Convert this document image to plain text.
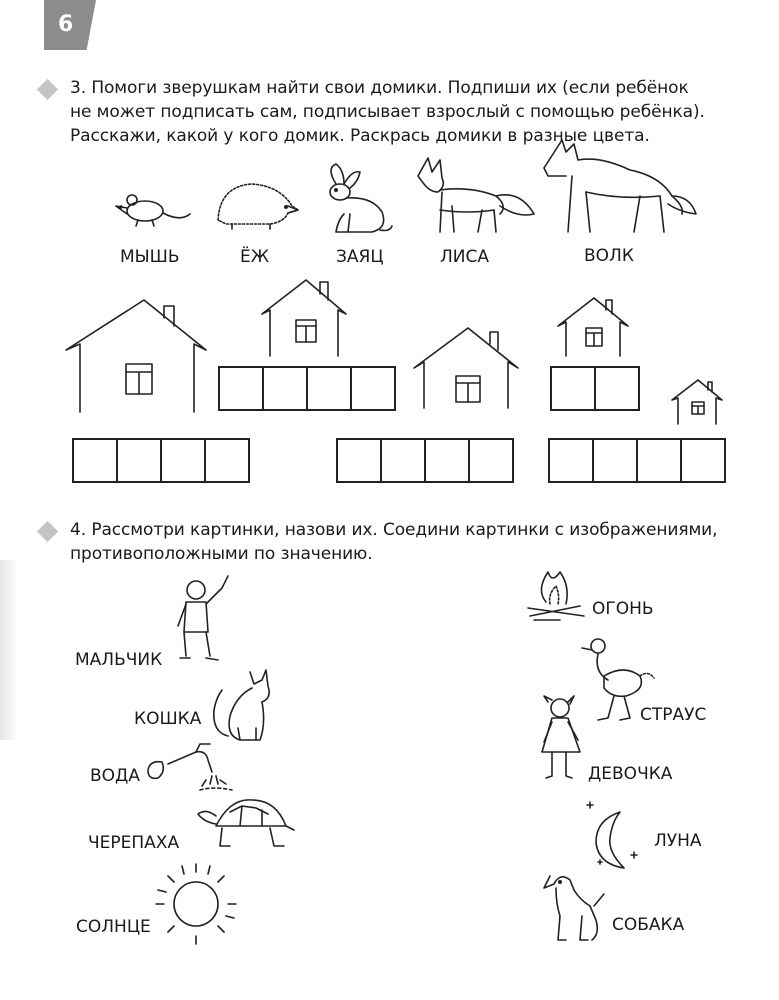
6
3. Помоги зверушкам найти свои домики. Подпиши их (если ребёнок
не может подписать сам, подписывает взрослый с помощью ребёнка).
Расскажи, какой у кого домик. Раскрась домики в разные цвета.
МЫШЬ	ЁЖ	ЗАЯЦ	ЛИСА	ВОЛК
4. Рассмотри картинки, назови их. Соедини картинки с изображениями,
противоположными по значению.
МАЛЬЧИК
КОШКА
ВОДА
ЧЕРЕПАХА
СОЛНЦЕ
ОГОНЬ
СТРАУС
ДЕВОЧКА
ЛУНА
СОБАКА
